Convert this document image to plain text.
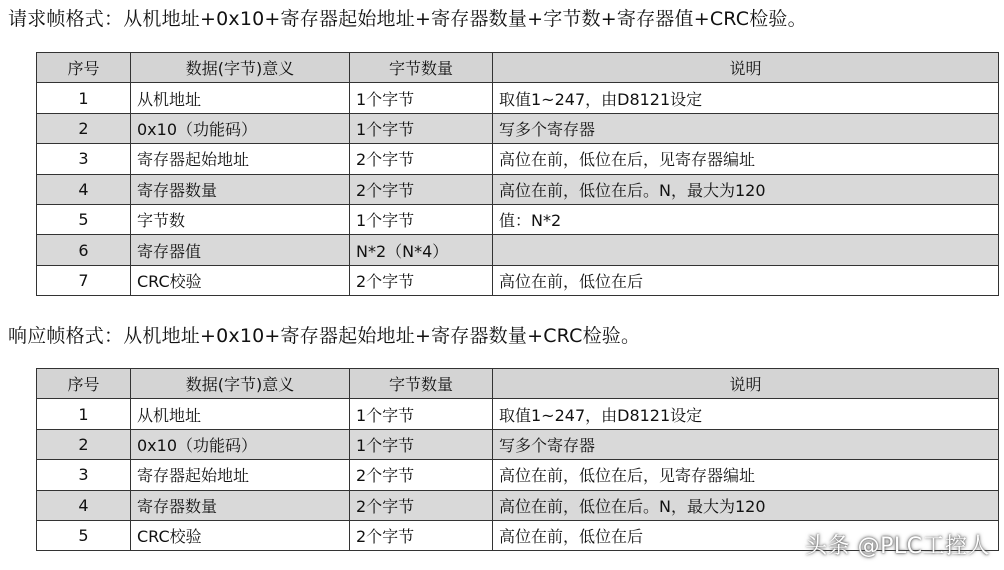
请求帧格式：从机地址+0x10+寄存器起始地址+寄存器数量+字节数+寄存器值+CRC检验。
序号	数据(字节)意义	字节数量	说明
1	从机地址	1个字节	取值1~247，由D8121设定
2	0x10（功能码）	1个字节	写多个寄存器
3	寄存器起始地址	2个字节	高位在前，低位在后，见寄存器编址
4	寄存器数量	2个字节	高位在前，低位在后。N，最大为120
5	字节数	1个字节	值：N*2
6	寄存器值	N*2（N*4）	
7	CRC校验	2个字节	高位在前，低位在后
响应帧格式：从机地址+0x10+寄存器起始地址+寄存器数量+CRC检验。
序号	数据(字节)意义	字节数量	说明
1	从机地址	1个字节	取值1~247，由D8121设定
2	0x10（功能码）	1个字节	写多个寄存器
3	寄存器起始地址	2个字节	高位在前，低位在后，见寄存器编址
4	寄存器数量	2个字节	高位在前，低位在后。N，最大为120
5	CRC校验	2个字节	高位在前，低位在后	头条 @PLC工控人
